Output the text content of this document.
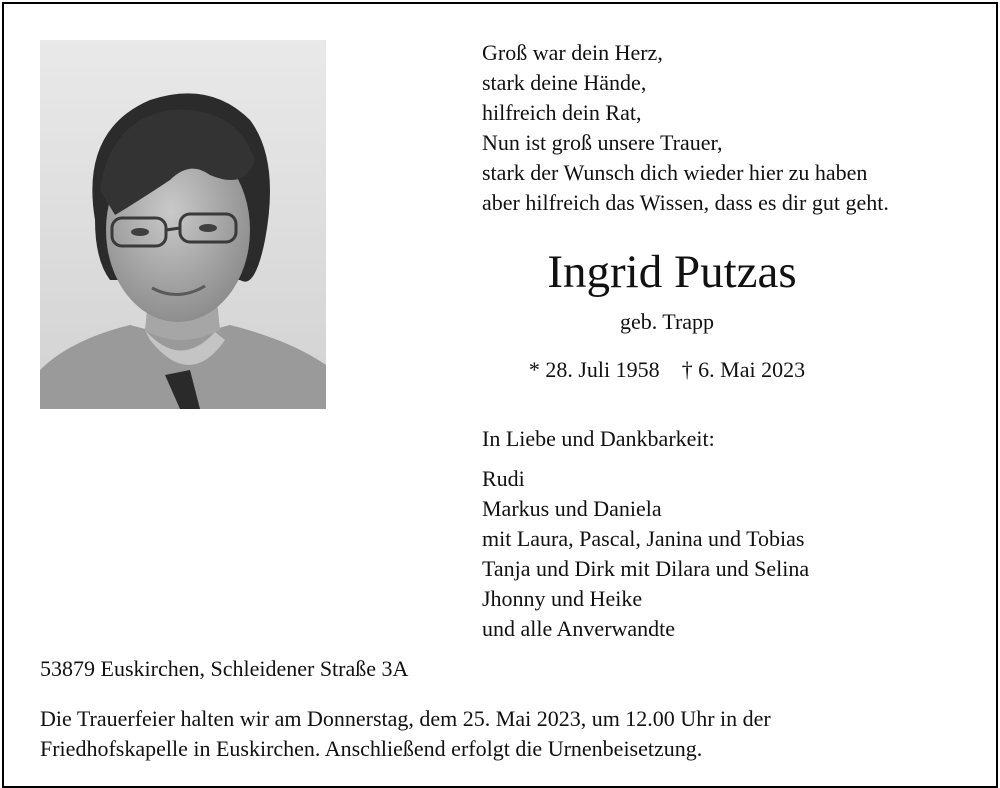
Groß war dein Herz,
stark deine Hände,
hilfreich dein Rat,
Nun ist groß unsere Trauer,
stark der Wunsch dich wieder hier zu haben
aber hilfreich das Wissen, dass es dir gut geht.
Ingrid Putzas
geb. Trapp
* 28. Juli 1958 † 6. Mai 2023
In Liebe und Dankbarkeit:
Rudi
Markus und Daniela
mit Laura, Pascal, Janina und Tobias
Tanja und Dirk mit Dilara und Selina
Jhonny und Heike
und alle Anverwandte
53879 Euskirchen, Schleidener Straße 3A
Die Trauerfeier halten wir am Donnerstag, dem 25. Mai 2023, um 12.00 Uhr in der
Friedhofskapelle in Euskirchen. Anschließend erfolgt die Urnenbeisetzung.
